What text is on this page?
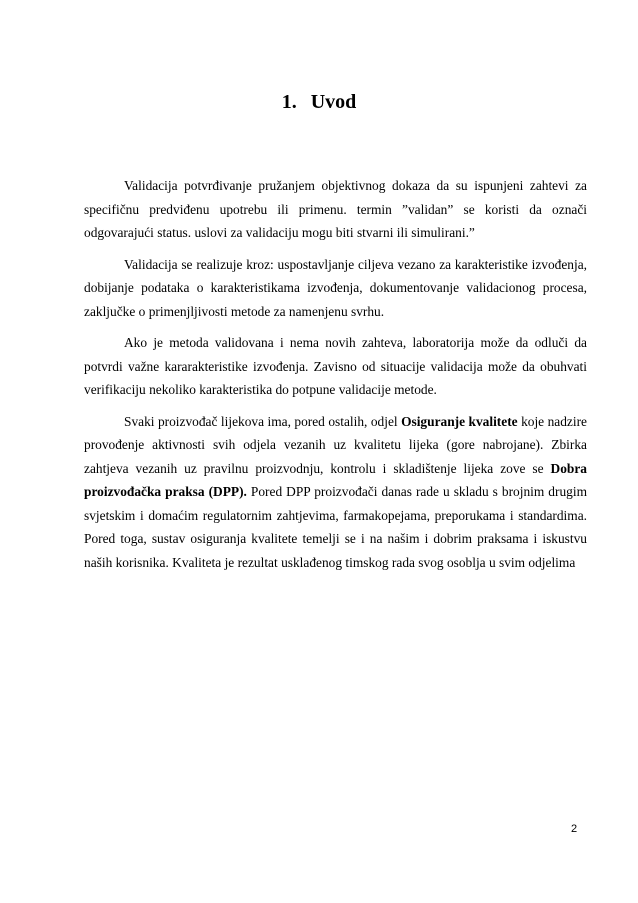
1. Uvod

Validacija potvrđivanje pružanjem objektivnog dokaza da su ispunjeni zahtevi za specifičnu predviđenu upotrebu ili primenu. termin ”validan” se koristi da označi odgovarajući status. uslovi za validaciju mogu biti stvarni ili simulirani.”

Validacija se realizuje kroz: uspostavljanje ciljeva vezano za karakteristike izvođenja, dobijanje podataka o karakteristikama izvođenja, dokumentovanje validacionog procesa, zaključke o primenjljivosti metode za namenjenu svrhu.

Ako je metoda validovana i nema novih zahteva, laboratorija može da odluči da potvrdi važne kararakteristike izvođenja. Zavisno od situacije validacija može da obuhvati verifikaciju nekoliko karakteristika do potpune validacije metode.

Svaki proizvođač lijekova ima, pored ostalih, odjel Osiguranje kvalitete koje nadzire provođenje aktivnosti svih odjela vezanih uz kvalitetu lijeka (gore nabrojane). Zbirka zahtjeva vezanih uz pravilnu proizvodnju, kontrolu i skladištenje lijeka zove se Dobra proizvođačka praksa (DPP). Pored DPP proizvođači danas rade u skladu s brojnim drugim svjetskim i domaćim regulatornim zahtjevima, farmakopejama, preporukama i standardima. Pored toga, sustav osiguranja kvalitete temelji se i na našim i dobrim praksama i iskustvu naših korisnika. Kvaliteta je rezultat usklađenog timskog rada svog osoblja u svim odjelima

2
